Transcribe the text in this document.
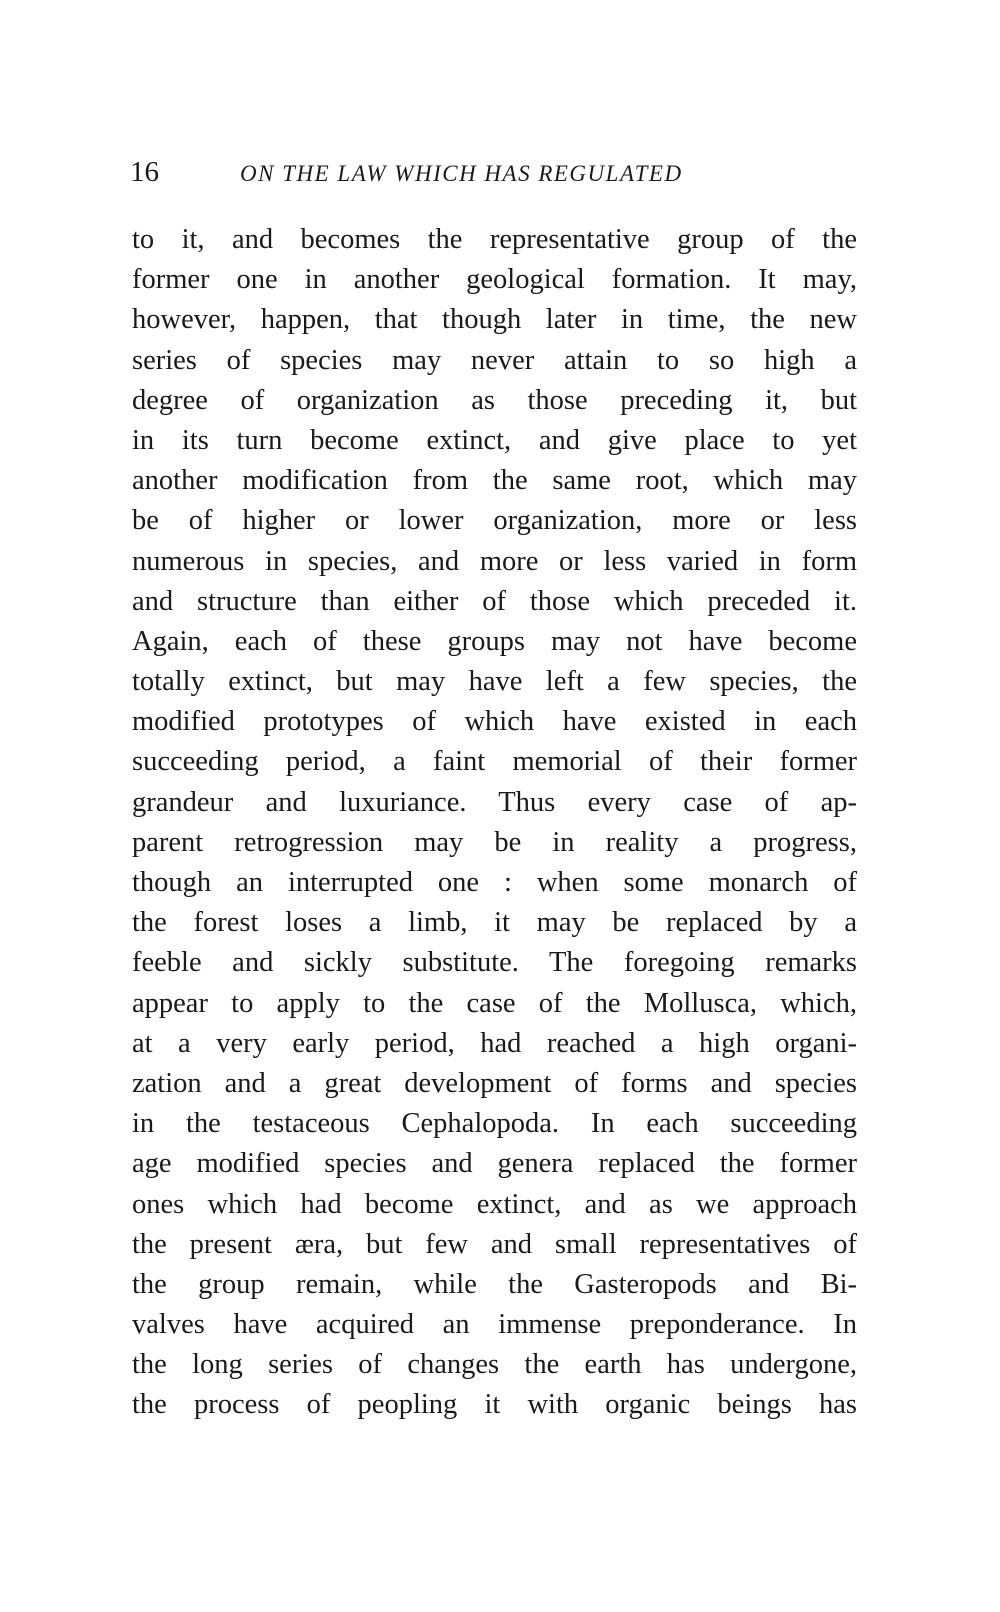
16	ON THE LAW WHICH HAS REGULATED
to it, and becomes the representative group of the
former one in another geological formation. It may,
however, happen, that though later in time, the new
series of species may never attain to so high a
degree of organization as those preceding it, but
in its turn become extinct, and give place to yet
another modification from the same root, which may
be of higher or lower organization, more or less
numerous in species, and more or less varied in form
and structure than either of those which preceded it.
Again, each of these groups may not have become
totally extinct, but may have left a few species, the
modified prototypes of which have existed in each
succeeding period, a faint memorial of their former
grandeur and luxuriance. Thus every case of ap-
parent retrogression may be in reality a progress,
though an interrupted one : when some monarch of
the forest loses a limb, it may be replaced by a
feeble and sickly substitute. The foregoing remarks
appear to apply to the case of the Mollusca, which,
at a very early period, had reached a high organi-
zation and a great development of forms and species
in the testaceous Cephalopoda. In each succeeding
age modified species and genera replaced the former
ones which had become extinct, and as we approach
the present æra, but few and small representatives of
the group remain, while the Gasteropods and Bi-
valves have acquired an immense preponderance. In
the long series of changes the earth has undergone,
the process of peopling it with organic beings has
